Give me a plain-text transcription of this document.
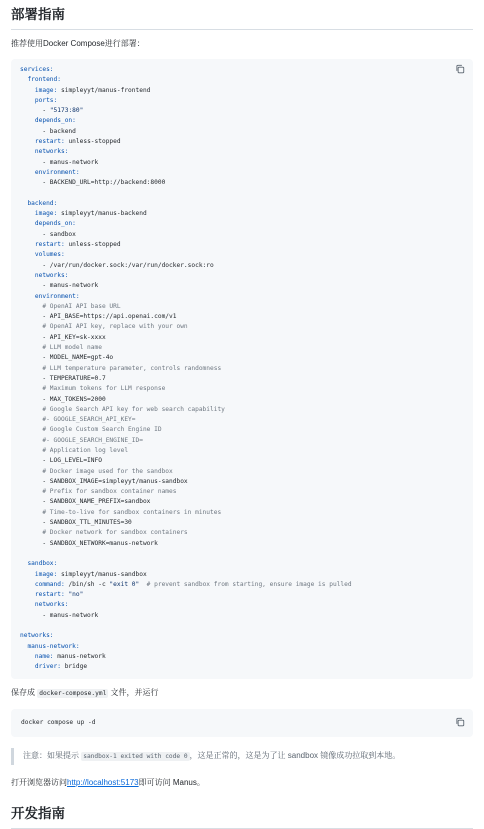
部署指南

推荐使用Docker Compose进行部署：

services:
frontend:
image: simpleyyt/manus-frontend
ports:
- "5173:80"
depends_on:
- backend
restart: unless-stopped
networks:
- manus-network
environment:
- BACKEND_URL=http://backend:8000

backend:
image: simpleyyt/manus-backend
depends_on:
- sandbox
restart: unless-stopped
volumes:
- /var/run/docker.sock:/var/run/docker.sock:ro
networks:
- manus-network
environment:
# OpenAI API base URL
- API_BASE=https://api.openai.com/v1
# OpenAI API key, replace with your own
- API_KEY=sk-xxxx
# LLM model name
- MODEL_NAME=gpt-4o
# LLM temperature parameter, controls randomness
- TEMPERATURE=0.7
# Maximum tokens for LLM response
- MAX_TOKENS=2000
# Google Search API key for web search capability
#- GOOGLE_SEARCH_API_KEY=
# Google Custom Search Engine ID
#- GOOGLE_SEARCH_ENGINE_ID=
# Application log level
- LOG_LEVEL=INFO
# Docker image used for the sandbox
- SANDBOX_IMAGE=simpleyyt/manus-sandbox
# Prefix for sandbox container names
- SANDBOX_NAME_PREFIX=sandbox
# Time-to-live for sandbox containers in minutes
- SANDBOX_TTL_MINUTES=30
# Docker network for sandbox containers
- SANDBOX_NETWORK=manus-network

sandbox:
image: simpleyyt/manus-sandbox
command: /bin/sh -c "exit 0"  # prevent sandbox from starting, ensure image is pulled
restart: "no"
networks:
- manus-network

networks:
manus-network:
name: manus-network
driver: bridge

保存成 docker-compose.yml 文件，并运行

docker compose up -d
注意：如果提示 sandbox-1 exited with code 0 ，这是正常的，这是为了让 sandbox 镜像成功拉取到本地。

打开浏览器访问http://localhost:5173即可访问 Manus。

开发指南
